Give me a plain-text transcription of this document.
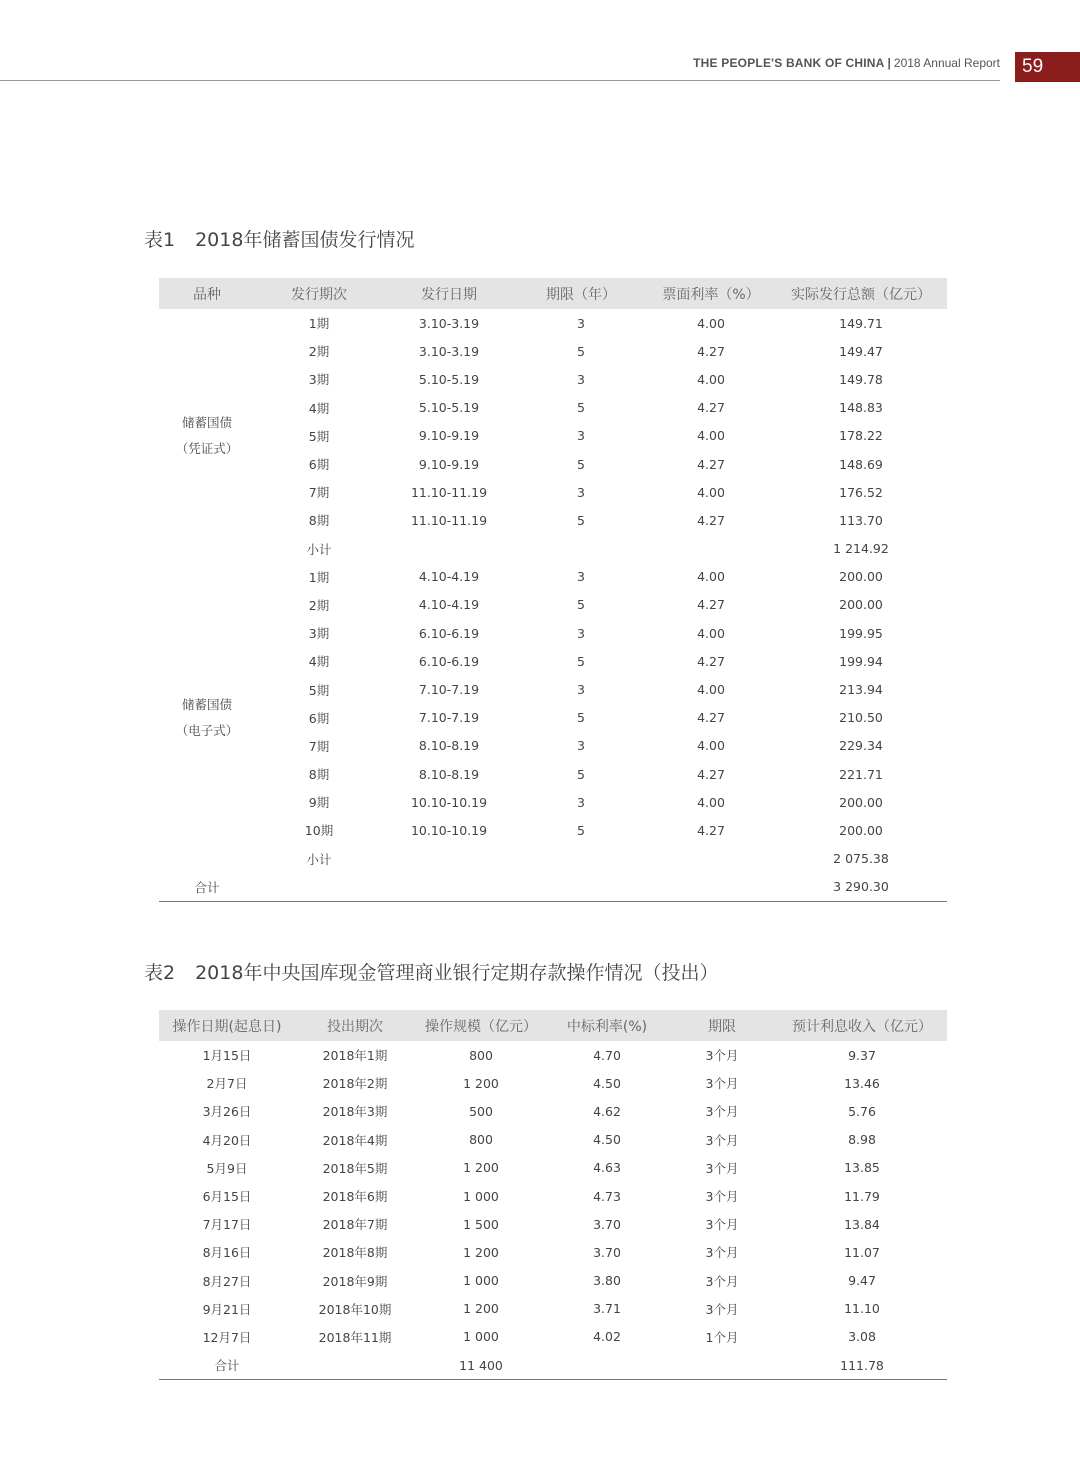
THE PEOPLE'S BANK OF CHINA | 2018 Annual Report	59
表1 2018年储蓄国债发行情况
品种	发行期次	发行日期	期限（年）	票面利率（%）	实际发行总额（亿元）

储蓄国债
（凭证式）	1期	3.10-3.19	3	4.00	149.71
	2期	3.10-3.19	5	4.27	149.47
	3期	5.10-5.19	3	4.00	149.78
	4期	5.10-5.19	5	4.27	148.83
	5期	9.10-9.19	3	4.00	178.22
	6期	9.10-9.19	5	4.27	148.69
	7期	11.10-11.19	3	4.00	176.52
	8期	11.10-11.19	5	4.27	113.70
	小计				1 214.92

储蓄国债
（电子式）	1期	4.10-4.19	3	4.00	200.00
	2期	4.10-4.19	5	4.27	200.00
	3期	6.10-6.19	3	4.00	199.95
	4期	6.10-6.19	5	4.27	199.94
	5期	7.10-7.19	3	4.00	213.94
	6期	7.10-7.19	5	4.27	210.50
	7期	8.10-8.19	3	4.00	229.34
	8期	8.10-8.19	5	4.27	221.71
	9期	10.10-10.19	3	4.00	200.00
	10期	10.10-10.19	5	4.27	200.00
	小计				2 075.38
合计					3 290.30
表2 2018年中央国库现金管理商业银行定期存款操作情况（投出）
操作日期(起息日)	投出期次	操作规模（亿元）	中标利率(%)	期限	预计利息收入（亿元）
1月15日	2018年1期	800	4.70	3个月	9.37
2月7日	2018年2期	1 200	4.50	3个月	13.46
3月26日	2018年3期	500	4.62	3个月	5.76
4月20日	2018年4期	800	4.50	3个月	8.98
5月9日	2018年5期	1 200	4.63	3个月	13.85
6月15日	2018年6期	1 000	4.73	3个月	11.79
7月17日	2018年7期	1 500	3.70	3个月	13.84
8月16日	2018年8期	1 200	3.70	3个月	11.07
8月27日	2018年9期	1 000	3.80	3个月	9.47
9月21日	2018年10期	1 200	3.71	3个月	11.10
12月7日	2018年11期	1 000	4.02	1个月	3.08
合计		11 400			111.78
